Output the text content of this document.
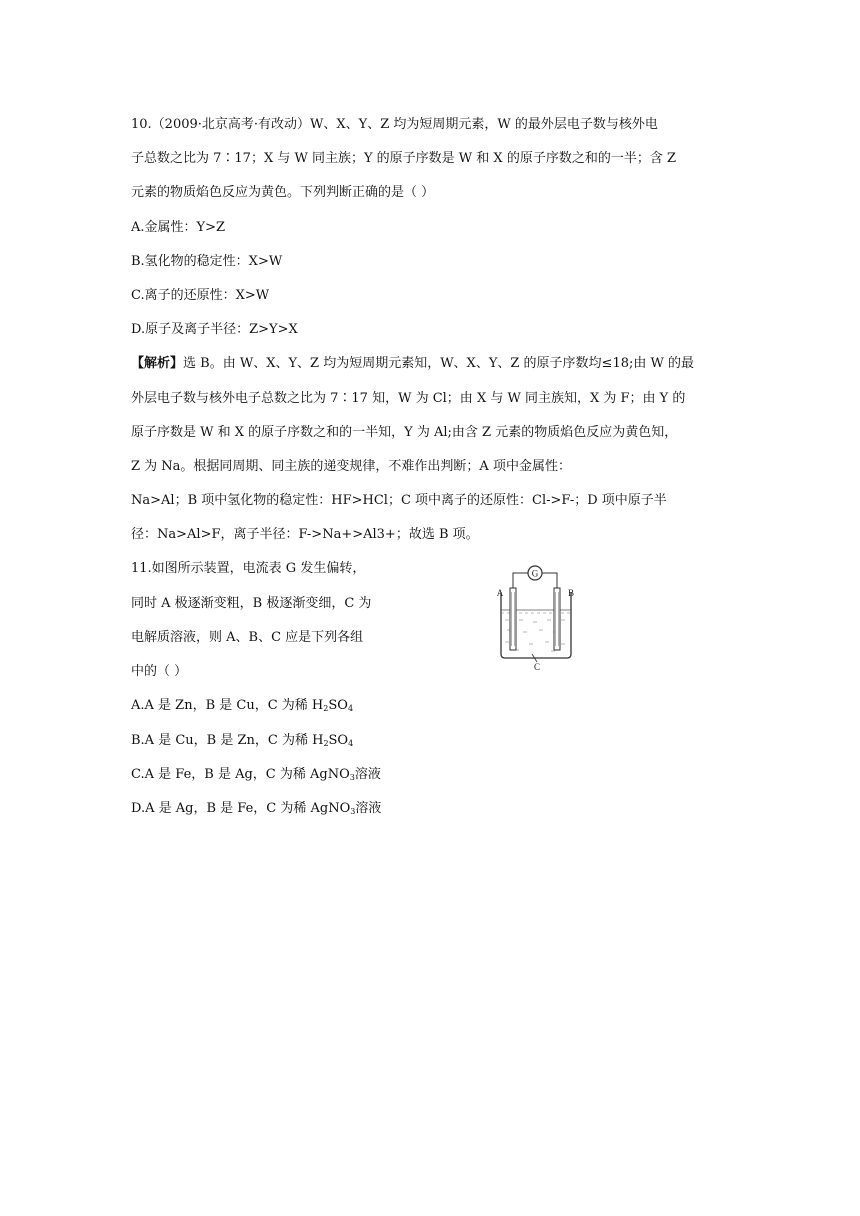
10.（2009·北京高考·有改动）W、X、Y、Z 均为短周期元素，W 的最外层电子数与核外电
子总数之比为 7∶17；X 与 W 同主族；Y 的原子序数是 W 和 X 的原子序数之和的一半；含 Z
元素的物质焰色反应为黄色。下列判断正确的是（ ）
A.金属性：Y>Z
B.氢化物的稳定性：X>W
C.离子的还原性：X>W
D.原子及离子半径：Z>Y>X
【解析】选 B。由 W、X、Y、Z 均为短周期元素知，W、X、Y、Z 的原子序数均≤18;由 W 的最
外层电子数与核外电子总数之比为 7∶17 知，W 为 Cl；由 X 与 W 同主族知，X 为 F；由 Y 的
原子序数是 W 和 X 的原子序数之和的一半知，Y 为 Al;由含 Z 元素的物质焰色反应为黄色知，
Z 为 Na。根据同周期、同主族的递变规律，不难作出判断；A 项中金属性：
Na>Al；B 项中氢化物的稳定性：HF>HCl；C 项中离子的还原性：Cl->F-；D 项中原子半
径：Na>Al>F，离子半径：F->Na+>Al3+；故选 B 项。
11.如图所示装置，电流表 G 发生偏转，
同时 A 极逐渐变粗，B 极逐渐变细，C 为
电解质溶液，则 A、B、C 应是下列各组
中的（ ）
G
A	B
C
A.A 是 Zn，B 是 Cu，C 为稀 $H_2SO_4$
B.A 是 Cu，B 是 Zn，C 为稀 $H_2SO_4$
C.A 是 Fe，B 是 Ag，C 为稀 AgNO$_3$溶液
D.A 是 Ag，B 是 Fe，C 为稀 AgNO$_3$溶液
